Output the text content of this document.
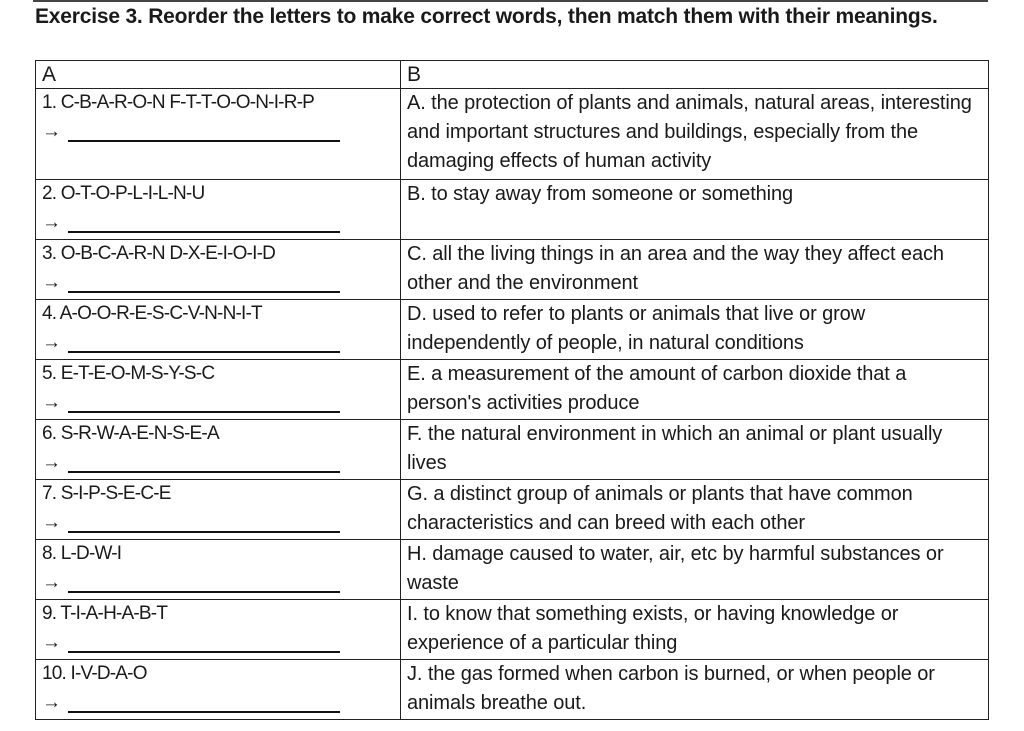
Exercise 3. Reorder the letters to make correct words, then match them with their meanings.
A	B

1. C-B-A-R-O-N F-T-T-O-O-N-I-R-P
→	A. the protection of plants and animals, natural areas, interesting and important structures and buildings, especially from the damaging effects of human activity

2. O-T-O-P-L-I-L-N-U
→	B. to stay away from someone or something

3. O-B-C-A-R-N D-X-E-I-O-I-D
→	C. all the living things in an area and the way they affect each other and the environment

4. A-O-O-R-E-S-C-V-N-N-I-T
→	D. used to refer to plants or animals that live or grow independently of people, in natural conditions

5. E-T-E-O-M-S-Y-S-C
→	E. a measurement of the amount of carbon dioxide that a person's activities produce

6. S-R-W-A-E-N-S-E-A
→	F. the natural environment in which an animal or plant usually lives

7. S-I-P-S-E-C-E
→	G. a distinct group of animals or plants that have common characteristics and can breed with each other

8. L-D-W-I
→	H. damage caused to water, air, etc by harmful substances or waste

9. T-I-A-H-A-B-T
→	I. to know that something exists, or having knowledge or experience of a particular thing

10. I-V-D-A-O
→	J. the gas formed when carbon is burned, or when people or animals breathe out.
